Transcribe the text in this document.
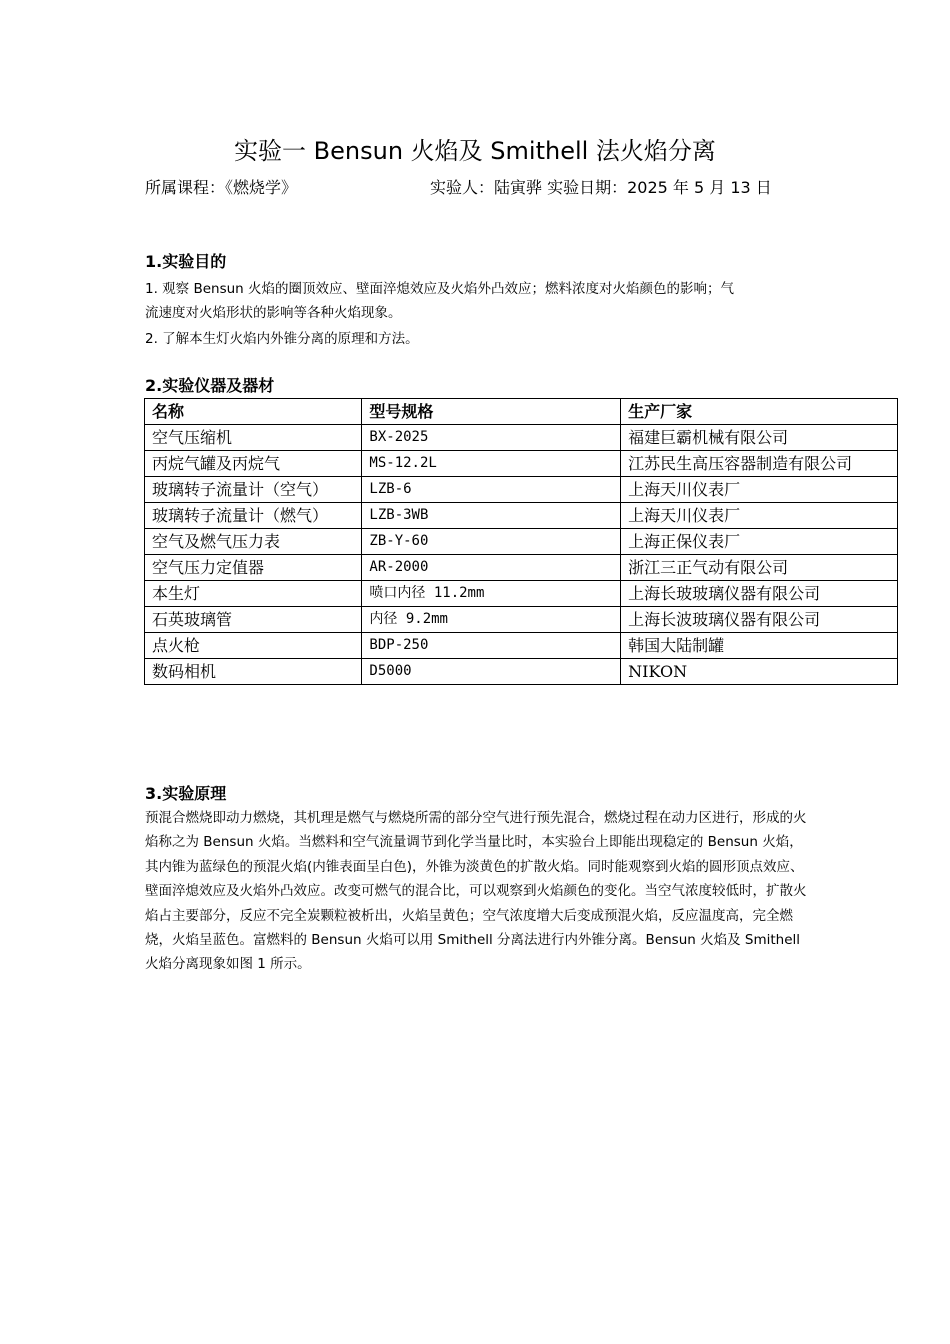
实验一 Bensun 火焰及 Smithell 法火焰分离
所属课程：《燃烧学》	实验人：陆寅骅 实验日期：2025 年 5 月 13 日
1.实验目的
1. 观察 Bensun 火焰的圈顶效应、壁面淬熄效应及火焰外凸效应；燃料浓度对火焰颜色的影响；气流速度对火焰形状的影响等各种火焰现象。
2. 了解本生灯火焰内外锥分离的原理和方法。
2.实验仪器及器材
名称	型号规格	生产厂家
空气压缩机	BX-2025	福建巨霸机械有限公司
丙烷气罐及丙烷气	MS-12.2L	江苏民生高压容器制造有限公司
玻璃转子流量计（空气）	LZB-6	上海天川仪表厂
玻璃转子流量计（燃气）	LZB-3WB	上海天川仪表厂
空气及燃气压力表	ZB-Y-60	上海正保仪表厂
空气压力定值器	AR-2000	浙江三正气动有限公司
本生灯	喷口内径 11.2mm	上海长玻玻璃仪器有限公司
石英玻璃管	内径 9.2mm	上海长波玻璃仪器有限公司
点火枪	BDP-250	韩国大陆制罐
数码相机	D5000	NIKON
3.实验原理
预混合燃烧即动力燃烧，其机理是燃气与燃烧所需的部分空气进行预先混合，燃烧过程在动力区进行，形成的火焰称之为 Bensun 火焰。当燃料和空气流量调节到化学当量比时，本实验台上即能出现稳定的 Bensun 火焰，其内锥为蓝绿色的预混火焰(内锥表面呈白色)，外锥为淡黄色的扩散火焰。同时能观察到火焰的圆形顶点效应、壁面淬熄效应及火焰外凸效应。改变可燃气的混合比，可以观察到火焰颜色的变化。当空气浓度较低时，扩散火焰占主要部分，反应不完全炭颗粒被析出，火焰呈黄色；空气浓度增大后变成预混火焰，反应温度高，完全燃烧，火焰呈蓝色。富燃料的 Bensun 火焰可以用 Smithell 分离法进行内外锥分离。Bensun 火焰及 Smithell 火焰分离现象如图 1 所示。
